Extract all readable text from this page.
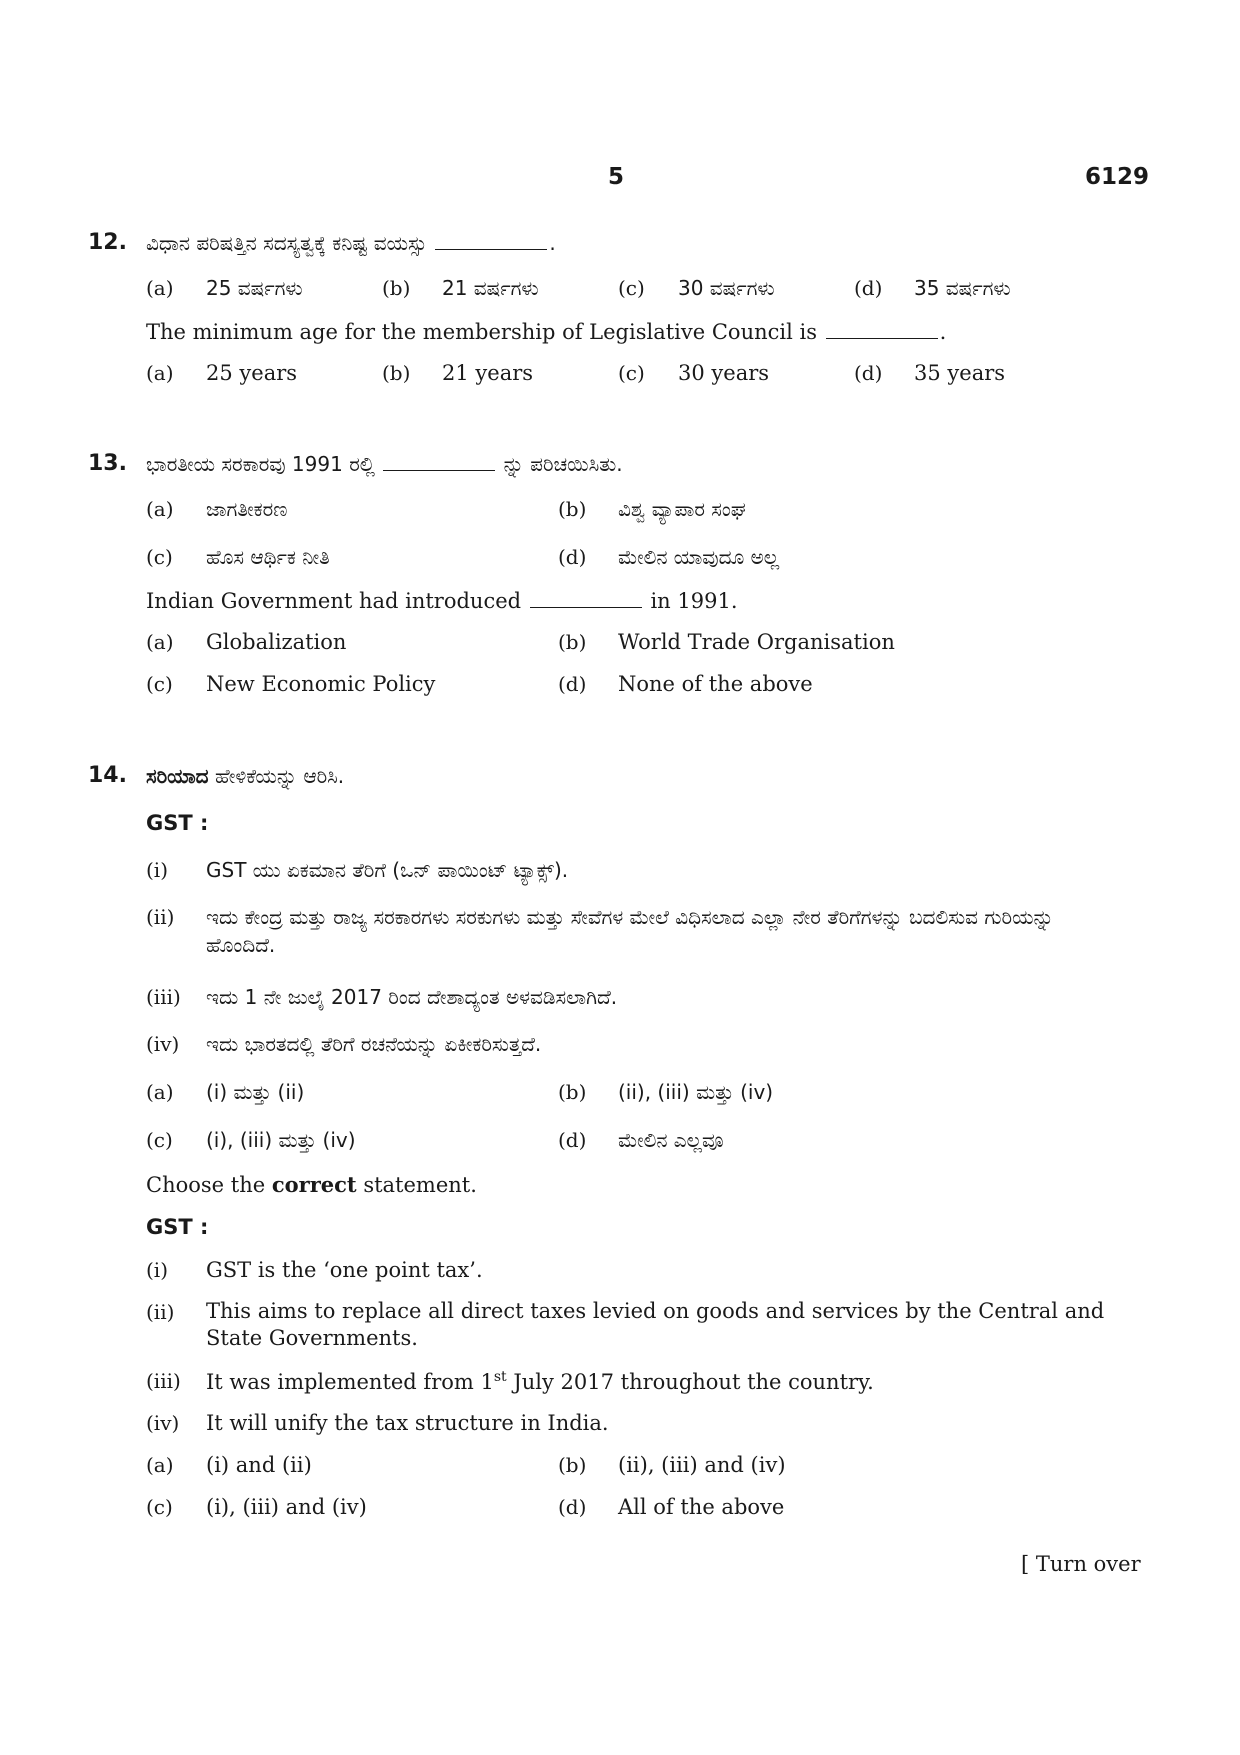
5	6129
12. ವಿಧಾನ ಪರಿಷತ್ತಿನ ಸದಸ್ಯತ್ವಕ್ಕೆ ಕನಿಷ್ಟ ವಯಸ್ಸು	.
(a) 25 ವರ್ಷಗಳು	(b) 21 ವರ್ಷಗಳು	(c) 30 ವರ್ಷಗಳು	(d) 35 ವರ್ಷಗಳು
The minimum age for the membership of Legislative Council is	.
(a) 25 years	(b) 21 years	(c) 30 years	(d) 35 years
13. ಭಾರತೀಯ ಸರಕಾರವು 1991 ರಲ್ಲಿ	ನ್ನು ಪರಿಚಯಿಸಿತು.
(a) ಜಾಗತೀಕರಣ	(b) ವಿಶ್ವ ವ್ಯಾಪಾರ ಸಂಘ
(c) ಹೊಸ ಆರ್ಥಿಕ ನೀತಿ	(d) ಮೇಲಿನ ಯಾವುದೂ ಅಲ್ಲ
Indian Government had introduced	in 1991.
(a) Globalization	(b) World Trade Organisation
(c) New Economic Policy	(d) None of the above
14. ಸರಿಯಾದ ಹೇಳಿಕೆಯನ್ನು ಆರಿಸಿ.
GST :
(i) GST ಯು ಏಕಮಾನ ತೆರಿಗೆ (ಒನ್ ಪಾಯಿಂಟ್ ಟ್ಯಾಕ್ಸ್).
(ii) ಇದು ಕೇಂದ್ರ ಮತ್ತು ರಾಜ್ಯ ಸರಕಾರಗಳು ಸರಕುಗಳು ಮತ್ತು ಸೇವೆಗಳ ಮೇಲೆ ವಿಧಿಸಲಾದ ಎಲ್ಲಾ ನೇರ ತೆರಿಗೆಗಳನ್ನು ಬದಲಿಸುವ ಗುರಿಯನ್ನು ಹೊಂದಿದೆ.
(iii) ಇದು 1 ನೇ ಜುಲೈ 2017 ರಿಂದ ದೇಶಾದ್ಯಂತ ಅಳವಡಿಸಲಾಗಿದೆ.
(iv) ಇದು ಭಾರತದಲ್ಲಿ ತೆರಿಗೆ ರಚನೆಯನ್ನು ಏಕೀಕರಿಸುತ್ತದೆ.
(a) (i) ಮತ್ತು (ii)	(b) (ii), (iii) ಮತ್ತು (iv)
(c) (i), (iii) ಮತ್ತು (iv)	(d) ಮೇಲಿನ ಎಲ್ಲವೂ
Choose the correct statement.
GST :
(i) GST is the ‘one point tax’.
(ii) This aims to replace all direct taxes levied on goods and services by the Central and State Governments.
(iii) It was implemented from 1st July 2017 throughout the country.
(iv) It will unify the tax structure in India.
(a) (i) and (ii)	(b) (ii), (iii) and (iv)
(c) (i), (iii) and (iv)	(d) All of the above
[ Turn over
